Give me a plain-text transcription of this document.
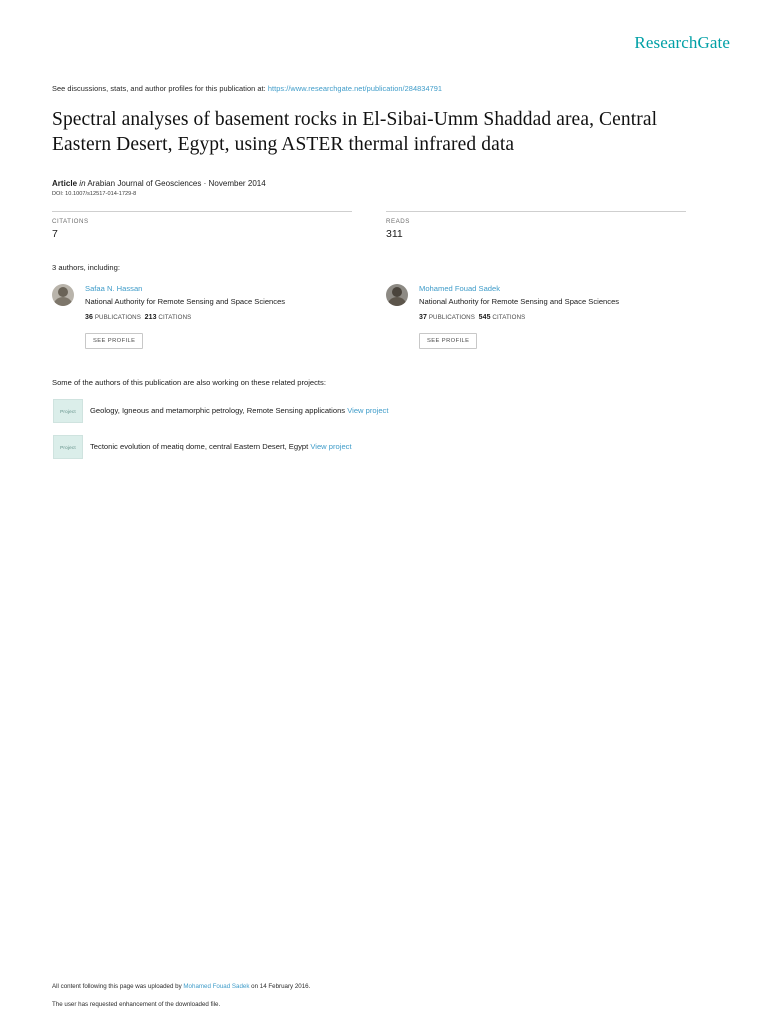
ResearchGate
See discussions, stats, and author profiles for this publication at: https://www.researchgate.net/publication/284834791
Spectral analyses of basement rocks in El-Sibai-Umm Shaddad area, Central Eastern Desert, Egypt, using ASTER thermal infrared data
Article in Arabian Journal of Geosciences · November 2014
DOI: 10.1007/s12517-014-1729-8
CITATIONS
7
READS
311
3 authors, including:
Safaa N. Hassan
National Authority for Remote Sensing and Space Sciences
36 PUBLICATIONS 213 CITATIONS
SEE PROFILE
Mohamed Fouad Sadek
National Authority for Remote Sensing and Space Sciences
37 PUBLICATIONS 545 CITATIONS
SEE PROFILE
Some of the authors of this publication are also working on these related projects:
Project	Geology, Igneous and metamorphic petrology, Remote Sensing applications View project
Project	Tectonic evolution of meatiq dome, central Eastern Desert, Egypt View project
All content following this page was uploaded by Mohamed Fouad Sadek on 14 February 2016.
The user has requested enhancement of the downloaded file.
